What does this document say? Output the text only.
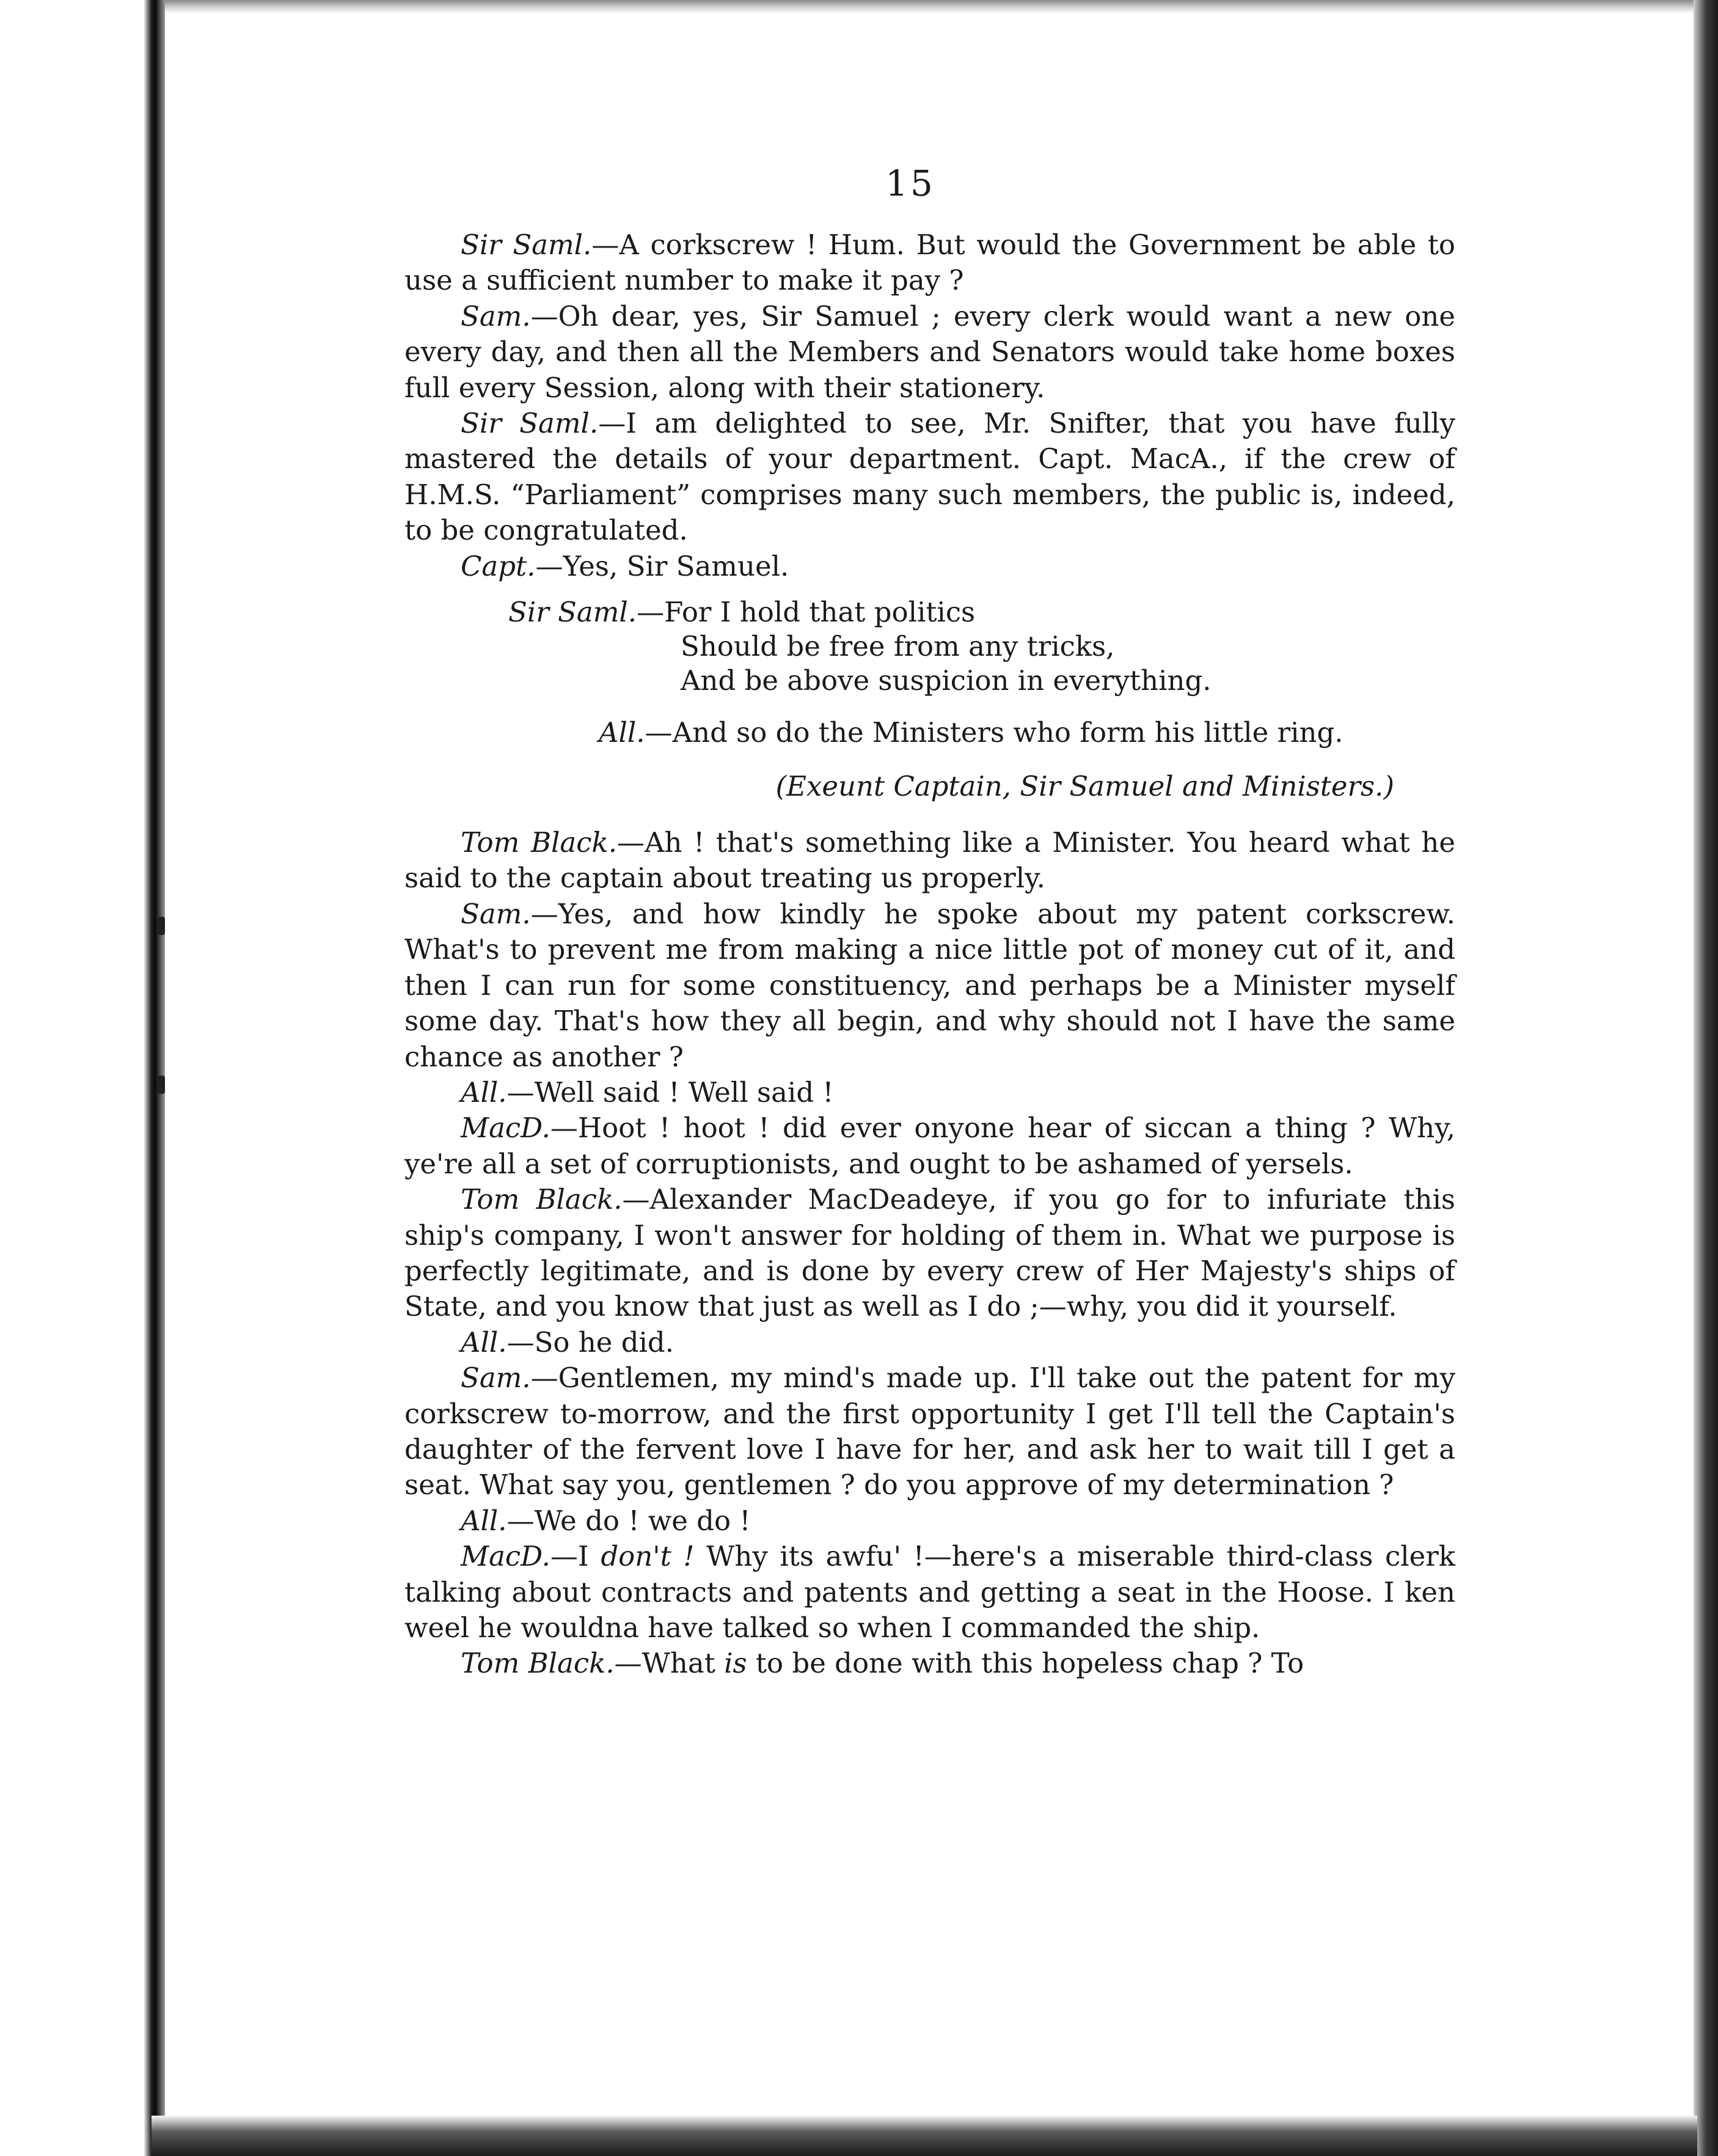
15

Sir Saml.—A corkscrew ! Hum. But would the Government be able to use a sufficient number to make it pay ?

Sam.—Oh dear, yes, Sir Samuel ; every clerk would want a new one every day, and then all the Members and Senators would take home boxes full every Session, along with their stationery.

Sir Saml.—I am delighted to see, Mr. Snifter, that you have fully mastered the details of your department. Capt. MacA., if the crew of H.M.S. “Parliament” comprises many such members, the public is, indeed, to be congratulated.

Capt.—Yes, Sir Samuel.

Sir Saml.—For I hold that politics
Should be free from any tricks,
And be above suspicion in everything.
All.—And so do the Ministers who form his little ring.
(Exeunt Captain, Sir Samuel and Ministers.)

Tom Black.—Ah ! that's something like a Minister. You heard what he said to the captain about treating us properly.

Sam.—Yes, and how kindly he spoke about my patent corkscrew. What's to prevent me from making a nice little pot of money cut of it, and then I can run for some constituency, and perhaps be a Minister myself some day. That's how they all begin, and why should not I have the same chance as another ?

All.—Well said ! Well said !

MacD.—Hoot ! hoot ! did ever onyone hear of siccan a thing ? Why, ye're all a set of corruptionists, and ought to be ashamed of yersels.

Tom Black.—Alexander MacDeadeye, if you go for to infuriate this ship's company, I won't answer for holding of them in. What we purpose is perfectly legitimate, and is done by every crew of Her Majesty's ships of State, and you know that just as well as I do ;—why, you did it yourself.

All.—So he did.

Sam.—Gentlemen, my mind's made up. I'll take out the patent for my corkscrew to-morrow, and the first opportunity I get I'll tell the Captain's daughter of the fervent love I have for her, and ask her to wait till I get a seat. What say you, gentlemen ? do you approve of my determination ?

All.—We do ! we do !

MacD.—I don't ! Why its awfu' !—here's a miserable third-class clerk talking about contracts and patents and getting a seat in the Hoose. I ken weel he wouldna have talked so when I commanded the ship.

Tom Black.—What is to be done with this hopeless chap ? To
